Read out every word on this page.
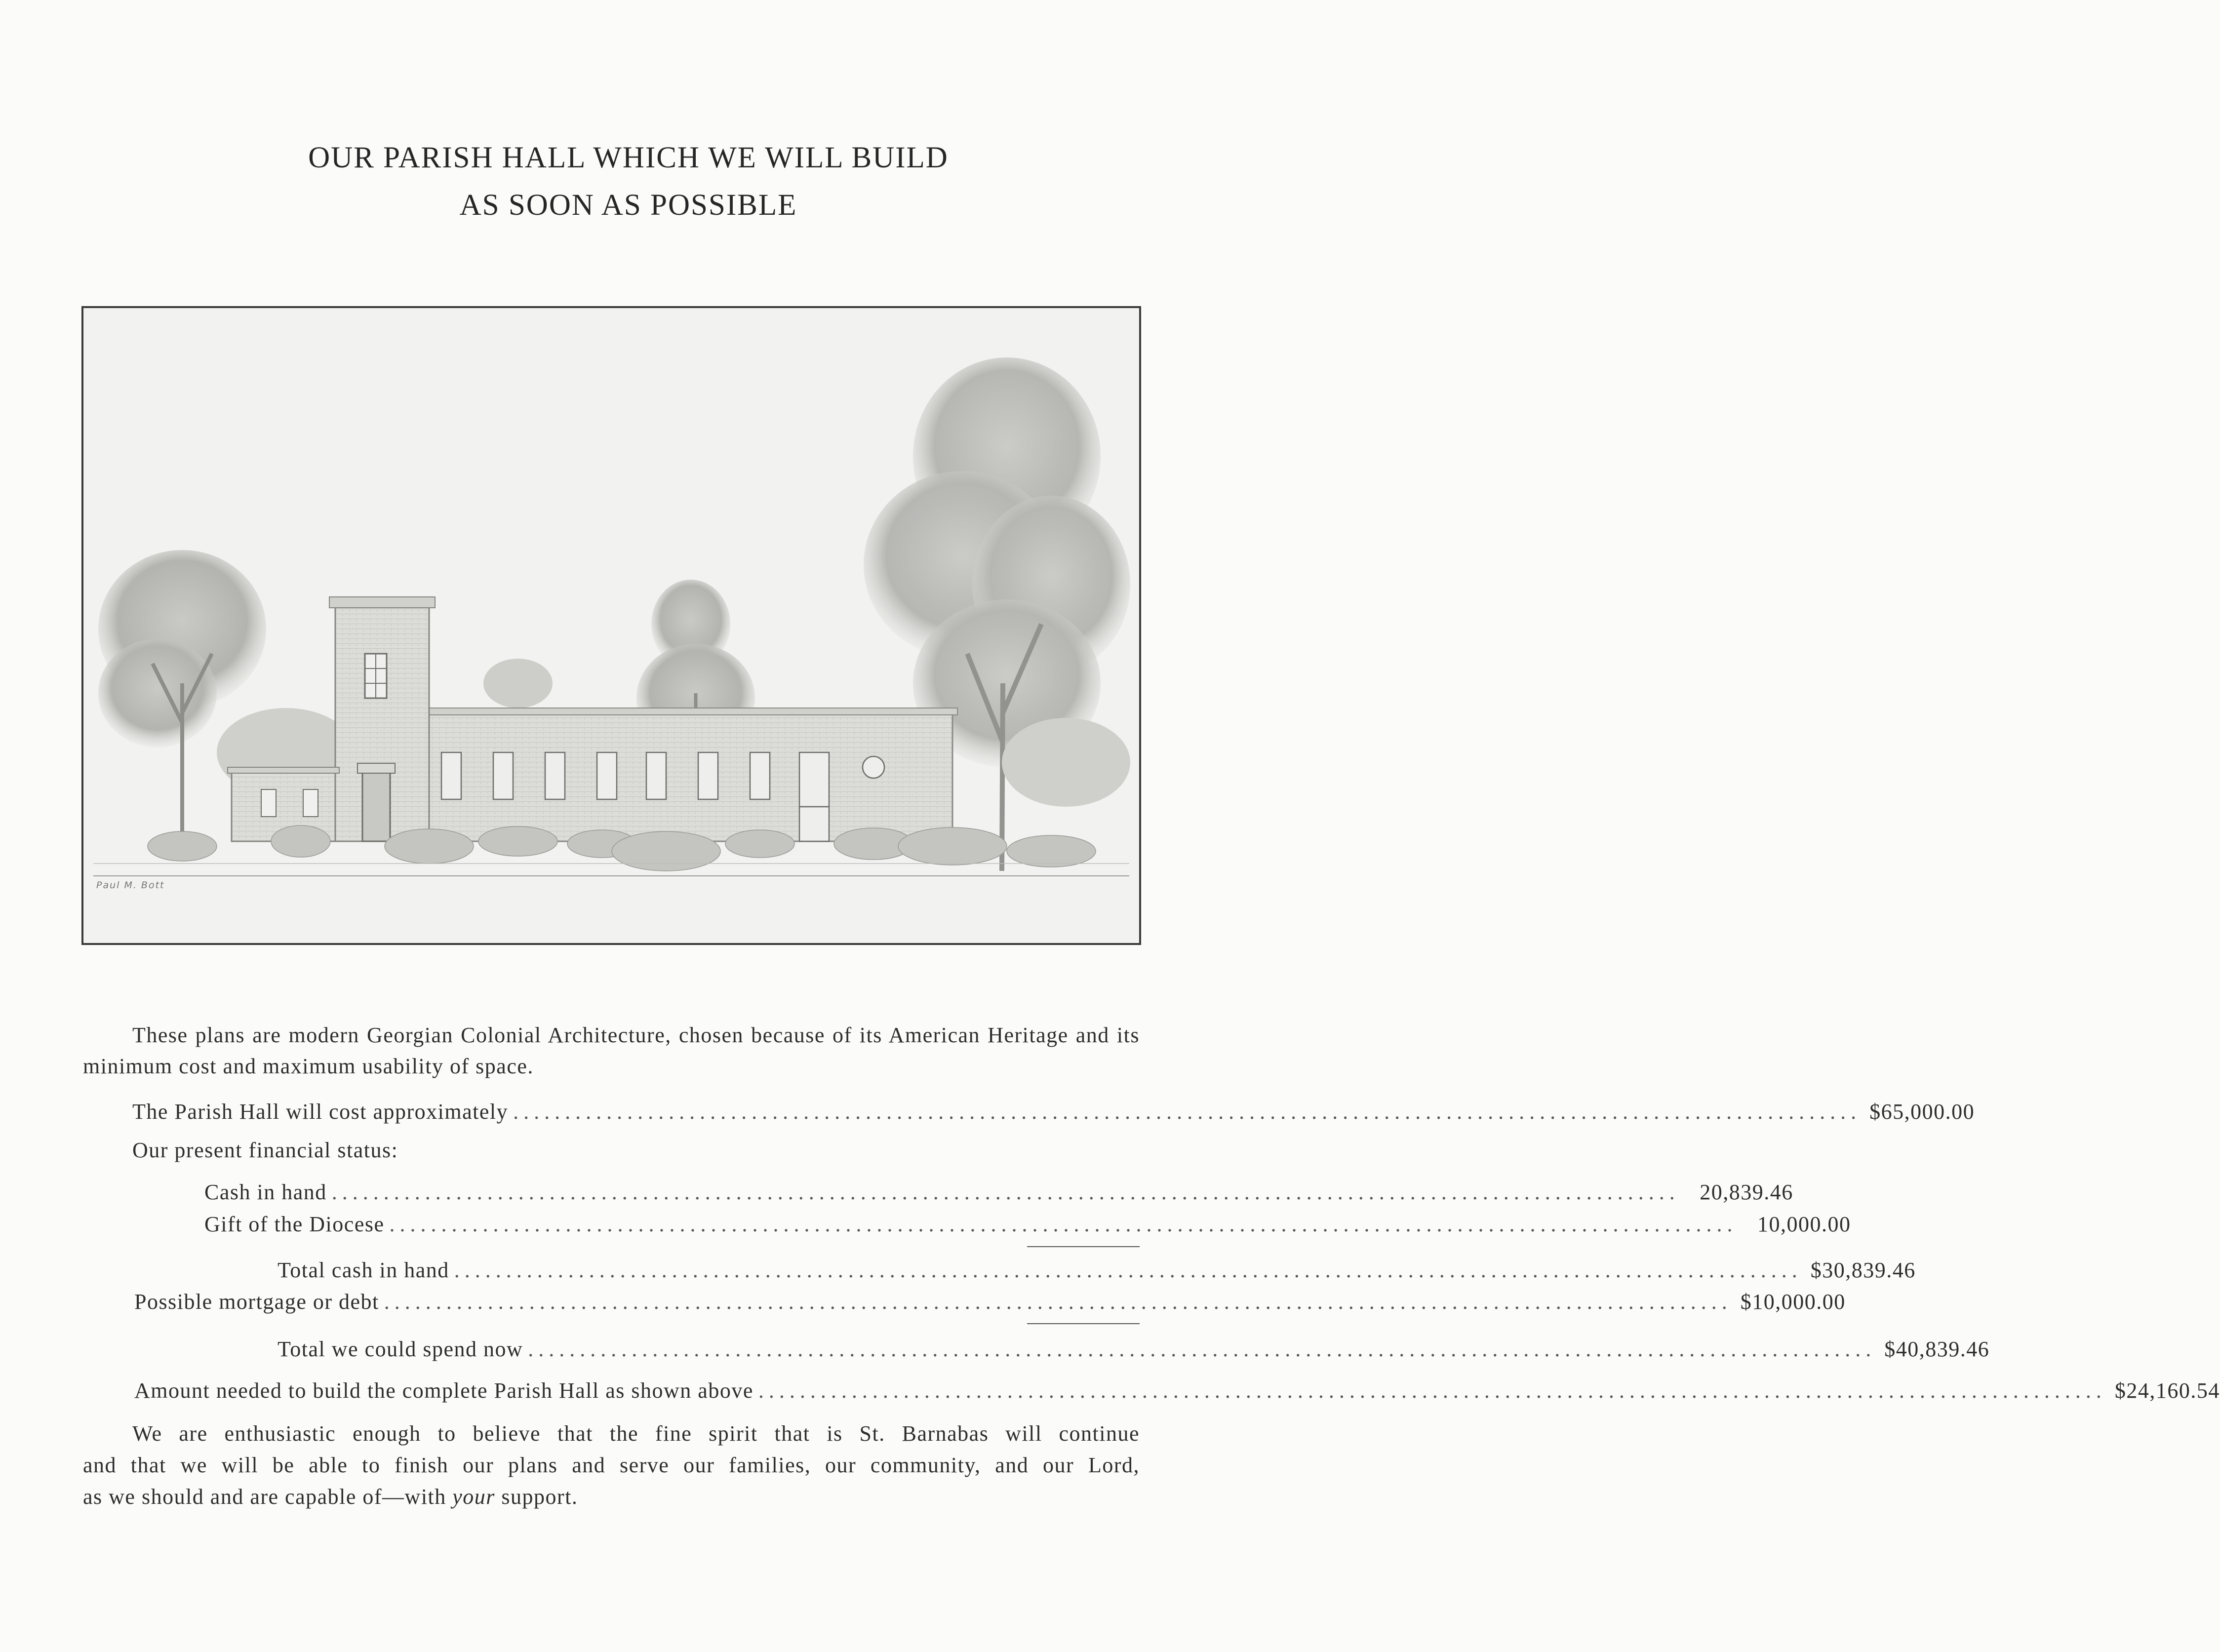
OUR PARISH HALL WHICH WE WILL BUILD
AS SOON AS POSSIBLE
Paul M. Bott
These plans are modern Georgian Colonial Architecture, chosen because of its American Heritage and its minimum cost and maximum usability of space.
The Parish Hall will cost approximately .................................................................................................................................. $65,000.00
Our present financial status:
Cash in hand .................................................................................................................................. 20,839.46
Gift of the Diocese .................................................................................................................................. 10,000.00
Total cash in hand .................................................................................................................................. $30,839.46
Possible mortgage or debt .................................................................................................................................. $10,000.00
Total we could spend now .................................................................................................................................. $40,839.46
Amount needed to build the complete Parish Hall as shown above .................................................................................................................................. $24,160.54
We are enthusiastic enough to believe that the fine spirit that is St. Barnabas will continue
and that we will be able to finish our plans and serve our families, our community, and our Lord,
as we should and are capable of—with your support.
